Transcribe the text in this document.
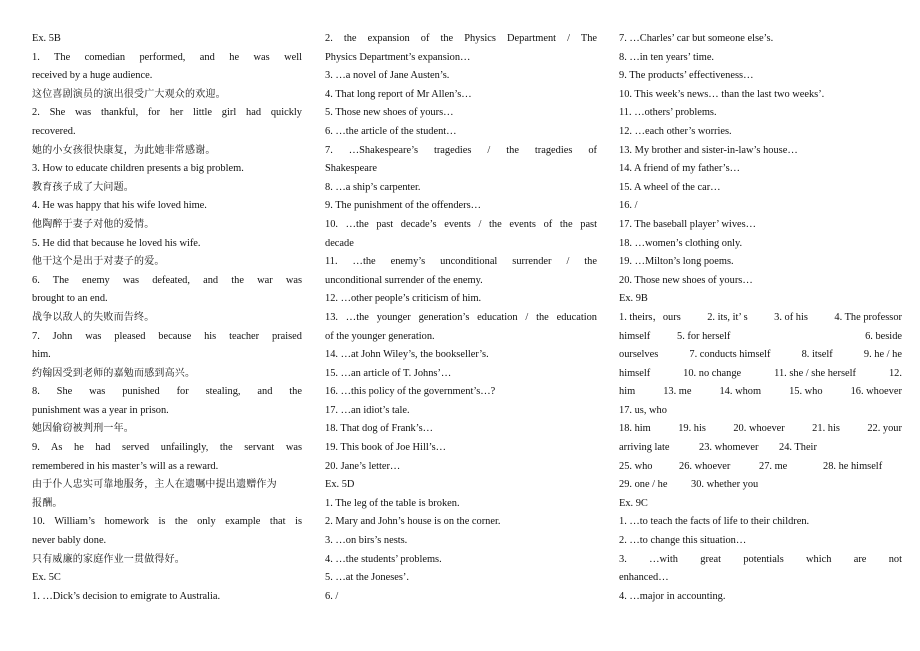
Ex. 5B
1. The comedian performed, and he was well
received by a huge audience.
这位喜剧演员的演出很受广大观众的欢迎。
2. She was thankful, for her little girl had quickly
recovered.
她的小女孩很快康复，为此她非常感谢。
3. How to educate children presents a big problem.
教育孩子成了大问题。
4. He was happy that his wife loved hime.
他陶醉于妻子对他的爱情。
5. He did that because he loved his wife.
他干这个是出于对妻子的爱。
6. The enemy was defeated, and the war was
brought to an end.
战争以敌人的失败而告终。
7. John was pleased because his teacher praised
him.
约翰因受到老师的嘉勉而感到高兴。
8. She was punished for stealing, and the
punishment was a year in prison.
她因偷窃被判刑一年。
9. As he had served unfailingly, the servant was
remembered in his master’s will as a reward.
由于仆人忠实可靠地服务，主人在遗嘱中提出遗赠作为
报酬。
10. William’s homework is the only example that is
never bably done.
只有威廉的家庭作业一贯做得好。
Ex. 5C
1. …Dick’s decision to emigrate to Australia.
2. the expansion of the Physics Department / The
Physics Department’s expansion…
3. …a novel of Jane Austen’s.
4. That long report of Mr Allen’s…
5. Those new shoes of yours…
6. …the article of the student…
7. …Shakespeare’s tragedies / the tragedies of
Shakespeare
8. …a ship’s carpenter.
9. The punishment of the offenders…
10. …the past decade’s events / the events of the past
decade
11. …the enemy’s unconditional surrender / the
unconditional surrender of the enemy.
12. …other people’s criticism of him.
13. …the younger generation’s education / the education
of the younger generation.
14. …at John Wiley’s, the bookseller’s.
15. …an article of T. Johns’…
16. …this policy of the government’s…?
17. …an idiot’s tale.
18. That dog of Frank’s…
19. This book of Joe Hill’s…
20. Jane’s letter…
Ex. 5D
1. The leg of the table is broken.
2. Mary and John’s house is on the corner.
3. …on birs’s nests.
4. …the students’ problems.
5. …at the Joneses’.
6. /
7. …Charles’ car but someone else’s.
8. …in ten years’ time.
9. The products’ effectiveness…
10. This week’s news… than the last two weeks’.
11. …others’ problems.
12. …each other’s worries.
13. My brother and sister-in-law’s house…
14. A friend of my father’s…
15. A wheel of the car…
16. /
17. The baseball player’ wives…
18. …women’s clothing only.
19. …Milton’s long poems.
20. Those new shoes of yours…
Ex. 9B
1. theirs，ours	2. its, it’ s	3. of his	4. The professor
himself	5. for herself	6. beside
ourselves	7. conducts himself	8. itself	9. he / he
himself	10. no change	11. she / she herself	12.
him	13. me	14. whom	15. who	16. whoever
17. us, who
18. him	19. his	20. whoever	21. his	22. your
arriving late	23. whomever	24. Their
25. who	26. whoever	27. me	28. he himself
29. one / he	30. whether you
Ex. 9C
1. …to teach the facts of life to their children.
2. …to change this situation…
3. …with great potentials which are not
enhanced…
4. …major in accounting.
